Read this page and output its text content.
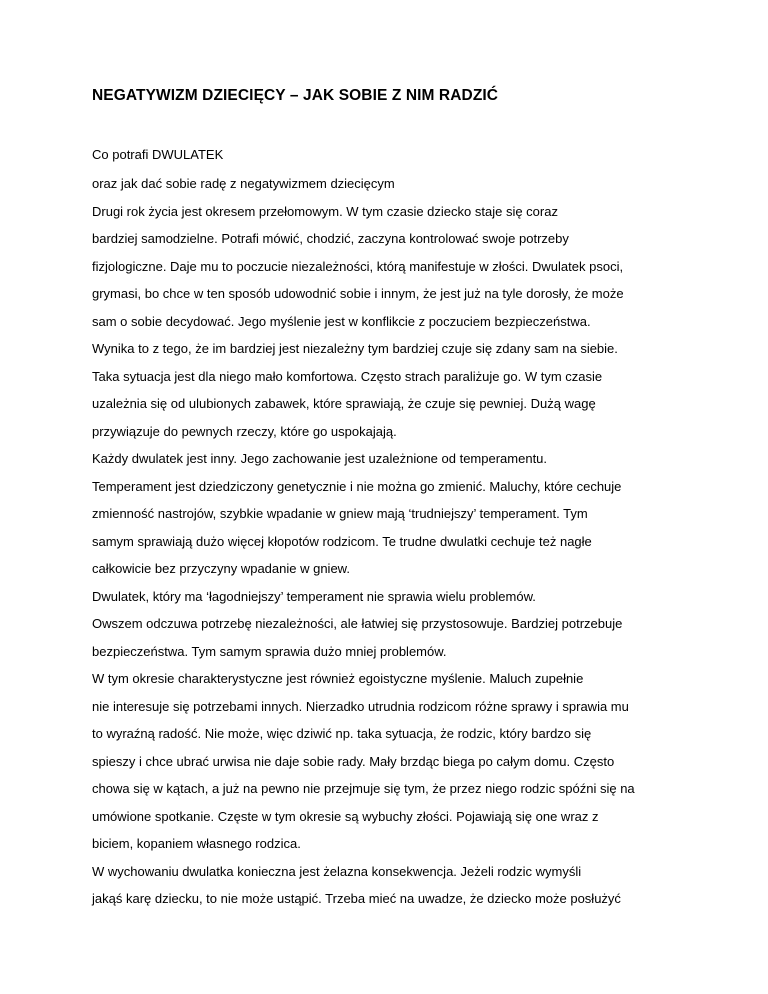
NEGATYWIZM DZIECIĘCY – JAK SOBIE Z NIM RADZIĆ
Co potrafi DWULATEK
oraz jak dać sobie radę z negatywizmem dziecięcym
Drugi rok życia jest okresem przełomowym. W tym czasie dziecko staje się coraz
bardziej samodzielne. Potrafi mówić, chodzić, zaczyna kontrolować swoje potrzeby
fizjologiczne. Daje mu to poczucie niezależności, którą manifestuje w złości. Dwulatek psoci,
grymasi, bo chce w ten sposób udowodnić sobie i innym, że jest już na tyle dorosły, że może
sam o sobie decydować. Jego myślenie jest w konflikcie z poczuciem bezpieczeństwa.
Wynika to z tego, że im bardziej jest niezależny tym bardziej czuje się zdany sam na siebie.
Taka sytuacja jest dla niego mało komfortowa. Często strach paraliżuje go. W tym czasie
uzależnia się od ulubionych zabawek, które sprawiają, że czuje się pewniej. Dużą wagę
przywiązuje do pewnych rzeczy, które go uspokajają.
Każdy dwulatek jest inny. Jego zachowanie jest uzależnione od temperamentu.
Temperament jest dziedziczony genetycznie i nie można go zmienić. Maluchy, które cechuje
zmienność nastrojów, szybkie wpadanie w gniew mają ‘trudniejszy’ temperament. Tym
samym sprawiają dużo więcej kłopotów rodzicom. Te trudne dwulatki cechuje też nagłe
całkowicie bez przyczyny wpadanie w gniew.
Dwulatek, który ma ‘łagodniejszy’ temperament nie sprawia wielu problemów.
Owszem odczuwa potrzebę niezależności, ale łatwiej się przystosowuje. Bardziej potrzebuje
bezpieczeństwa. Tym samym sprawia dużo mniej problemów.
W tym okresie charakterystyczne jest również egoistyczne myślenie. Maluch zupełnie
nie interesuje się potrzebami innych. Nierzadko utrudnia rodzicom różne sprawy i sprawia mu
to wyraźną radość. Nie może, więc dziwić np. taka sytuacja, że rodzic, który bardzo się
spieszy i chce ubrać urwisa nie daje sobie rady. Mały brzdąc biega po całym domu. Często
chowa się w kątach, a już na pewno nie przejmuje się tym, że przez niego rodzic spóźni się na
umówione spotkanie. Częste w tym okresie są wybuchy złości. Pojawiają się one wraz z
biciem, kopaniem własnego rodzica.
W wychowaniu dwulatka konieczna jest żelazna konsekwencja. Jeżeli rodzic wymyśli
jakąś karę dziecku, to nie może ustąpić. Trzeba mieć na uwadze, że dziecko może posłużyć
